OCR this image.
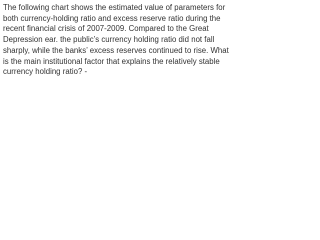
The following chart shows the estimated value of parameters for
both currency-holding ratio and excess reserve ratio during the
recent financial crisis of 2007-2009. Compared to the Great
Depression ear. the public’s currency holding ratio did not fall
sharply, while the banks’ excess reserves continued to rise. What
is the main institutional factor that explains the relatively stable
currency holding ratio? -
